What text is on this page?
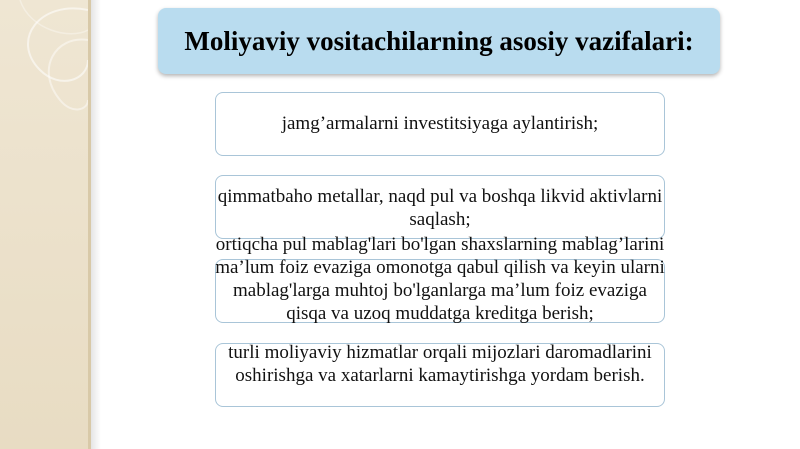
Moliyaviy vositachilarning asosiy vazifalari:
jamg’armalarni investitsiyaga aylantirish;
qimmatbaho metallar, naqd pul va boshqa likvid aktivlarni saqlash;
ortiqcha pul mablag'lari bo'lgan shaxslarning mablag’larini ma’lum foiz evaziga omonotga qabul qilish va keyin ularni mablag'larga muhtoj bo'lganlarga ma’lum foiz evaziga qisqa va uzoq muddatga kreditga berish;
turli moliyaviy hizmatlar orqali mijozlari daromadlarini oshirishga va xatarlarni kamaytirishga yordam berish.
